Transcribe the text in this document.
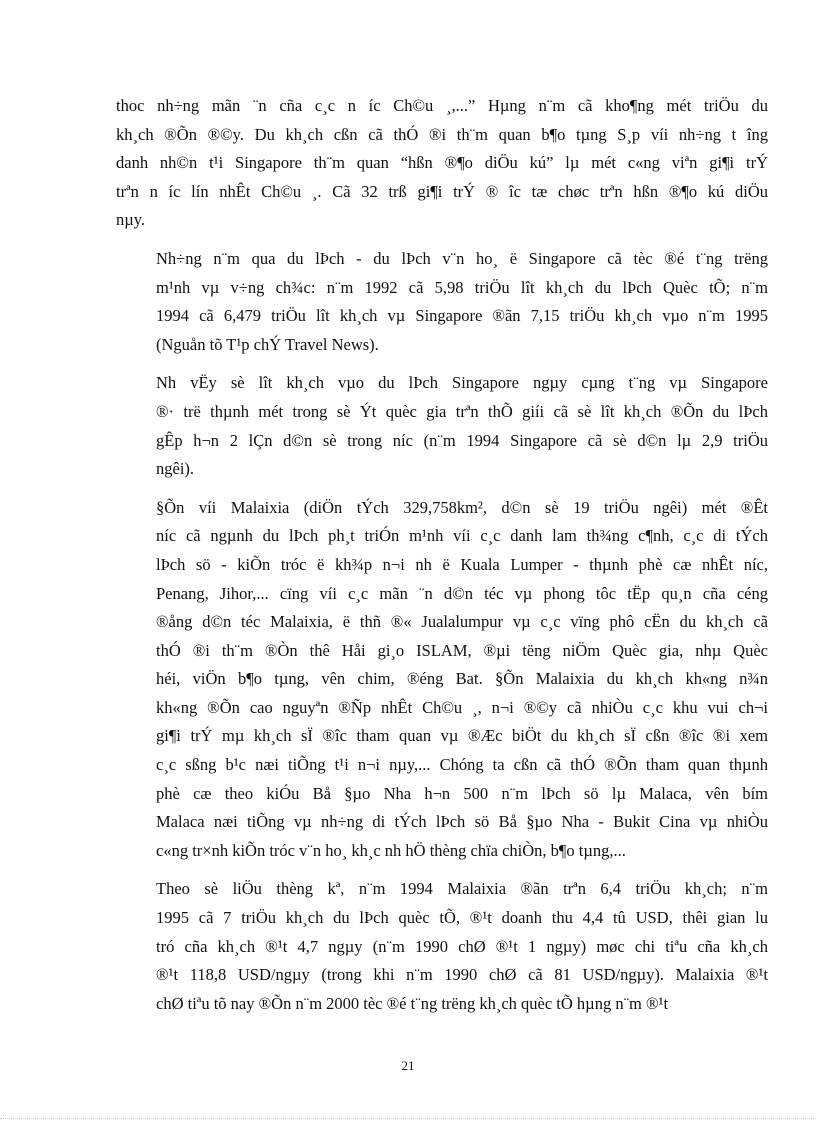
thoc nh÷ng mãn ¨n cña c¸c n íc Ch©u ¸,...” Hµng n¨m cã kho¶ng mét triÖu du
kh¸ch ®Õn ®©y. Du kh¸ch cßn cã thÓ ®i th¨m quan b¶o tµng S¸p víi nh÷ng t îng
danh nh©n t¹i Singapore th¨m quan “hßn ®¶o diÖu kú” lµ mét c«ng viªn gi¶i trÝ
trªn n íc lín nhÊt Ch©u ¸. Cã 32 trß gi¶i trÝ ® îc tæ chøc trªn hßn ®¶o kú diÖu
nµy.

Nh÷ng n¨m qua du lÞch - du lÞch v¨n ho¸ ë Singapore cã tèc ®é t¨ng trëng
m¹nh vµ v÷ng ch¾c: n¨m 1992 cã 5,98 triÖu lît kh¸ch du lÞch Quèc tÕ; n¨m
1994 cã 6,479 triÖu lît kh¸ch vµ Singapore ®ãn 7,15 triÖu kh¸ch vµo n¨m 1995
(Nguån tõ T¹p chÝ Travel News).

Nh vËy sè lît kh¸ch vµo du lÞch Singapore ngµy cµng t¨ng vµ Singapore
®· trë thµnh mét trong sè Ýt quèc gia trªn thÕ giíi cã sè lît kh¸ch ®Õn du lÞch
gÊp h¬n 2 lÇn d©n sè trong níc (n¨m 1994 Singapore cã sè d©n lµ 2,9 triÖu
ngêi).

§Õn víi Malaixia (diÖn tÝch 329,758km², d©n sè 19 triÖu ngêi) mét ®Êt
níc cã ngµnh du lÞch ph¸t triÓn m¹nh víi c¸c danh lam th¾ng c¶nh, c¸c di tÝch
lÞch sö - kiÕn tróc ë kh¾p n¬i nh ë Kuala Lumper - thµnh phè cæ nhÊt níc,
Penang, Jihor,... cïng víi c¸c mãn ¨n d©n téc vµ phong tôc tËp qu¸n cña céng
®ång d©n téc Malaixia, ë thñ ®« Jualalumpur vµ c¸c vïng phô cËn du kh¸ch cã
thÓ ®i th¨m ®Òn thê Håi gi¸o ISLAM, ®µi tëng niÖm Quèc gia, nhµ Quèc
héi, viÖn b¶o tµng, vên chim, ®éng Bat. §Õn Malaixia du kh¸ch kh«ng n¾n
kh«ng ®Õn cao nguyªn ®Ñp nhÊt Ch©u ¸, n¬i ®©y cã nhiÒu c¸c khu vui ch¬i
gi¶i trÝ mµ kh¸ch sÏ ®îc tham quan vµ ®Æc biÖt du kh¸ch sÏ cßn ®îc ®i xem
c¸c sßng b¹c næi tiÕng t¹i n¬i nµy,... Chóng ta cßn cã thÓ ®Õn tham quan thµnh
phè cæ theo kiÓu Bå §µo Nha h¬n 500 n¨m lÞch sö lµ Malaca, vên bím
Malaca næi tiÕng vµ nh÷ng di tÝch lÞch sö Bå §µo Nha - Bukit Cina vµ nhiÒu
c«ng tr×nh kiÕn tróc v¨n ho¸ kh¸c nh hÖ thèng chïa chiÒn, b¶o tµng,...

Theo sè liÖu thèng kª, n¨m 1994 Malaixia ®ãn trªn 6,4 triÖu kh¸ch; n¨m
1995 cã 7 triÖu kh¸ch du lÞch quèc tÕ, ®¹t doanh thu 4,4 tû USD, thêi gian lu
tró cña kh¸ch ®¹t 4,7 ngµy (n¨m 1990 chØ ®¹t 1 ngµy) møc chi tiªu cña kh¸ch
®¹t 118,8 USD/ngµy (trong khi n¨m 1990 chØ cã 81 USD/ngµy). Malaixia ®¹t
chØ tiªu tõ nay ®Õn n¨m 2000 tèc ®é t¨ng trëng kh¸ch quèc tÕ hµng n¨m ®¹t

21
